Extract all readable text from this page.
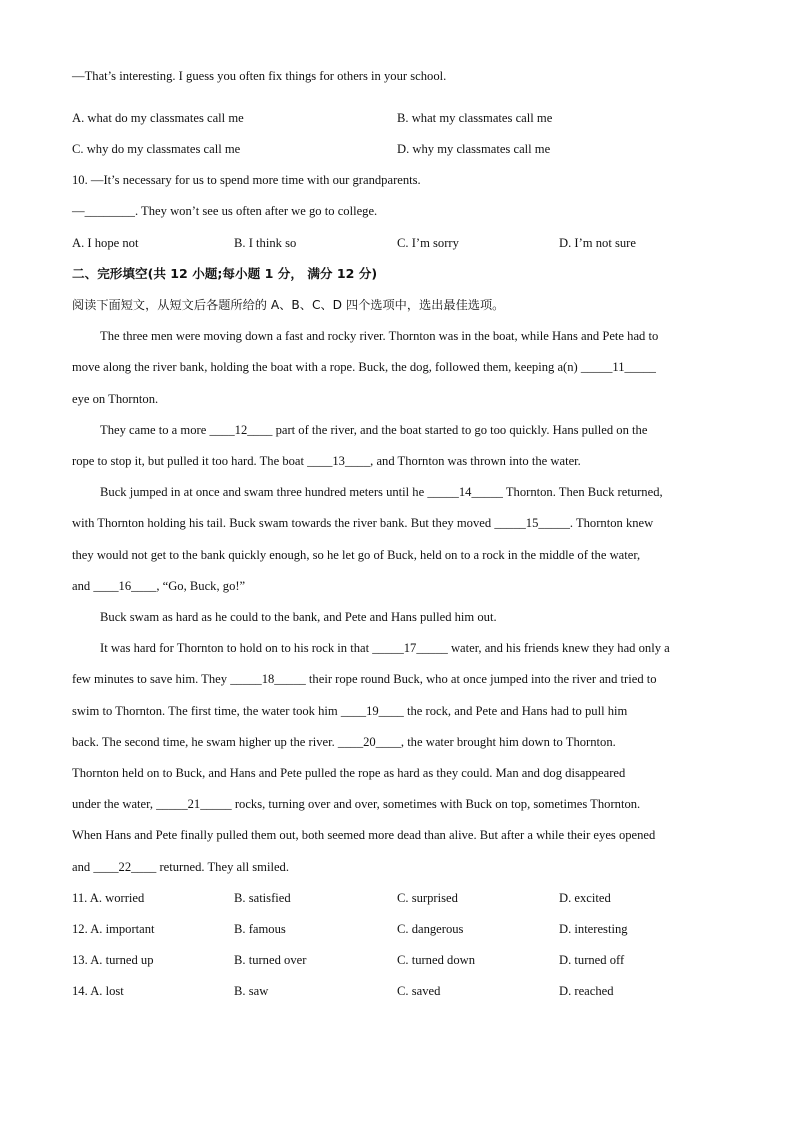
—That’s interesting. I guess you often fix things for others in your school.
A. what do my classmates call me	B. what my classmates call me
C. why do my classmates call me	D. why my classmates call me
10. —It’s necessary for us to spend more time with our grandparents.
—________. They won’t see us often after we go to college.
A. I hope not	B. I think so	C. I’m sorry	D. I’m not sure
二、完形填空(共 12 小题;每小题 1 分， 满分 12 分)
阅读下面短文，从短文后各题所给的 A、B、C、D 四个选项中，选出最佳选项。
The three men were moving down a fast and rocky river. Thornton was in the boat, while Hans and Pete had to
move along the river bank, holding the boat with a rope. Buck, the dog, followed them, keeping a(n) _____11_____
eye on Thornton.
They came to a more ____12____ part of the river, and the boat started to go too quickly. Hans pulled on the
rope to stop it, but pulled it too hard. The boat ____13____, and Thornton was thrown into the water.
Buck jumped in at once and swam three hundred meters until he _____14_____ Thornton. Then Buck returned,
with Thornton holding his tail. Buck swam towards the river bank. But they moved _____15_____. Thornton knew
they would not get to the bank quickly enough, so he let go of Buck, held on to a rock in the middle of the water,
and ____16____, “Go, Buck, go!”
Buck swam as hard as he could to the bank, and Pete and Hans pulled him out.
It was hard for Thornton to hold on to his rock in that _____17_____ water, and his friends knew they had only a
few minutes to save him. They _____18_____ their rope round Buck, who at once jumped into the river and tried to
swim to Thornton. The first time, the water took him ____19____ the rock, and Pete and Hans had to pull him
back. The second time, he swam higher up the river. ____20____, the water brought him down to Thornton.
Thornton held on to Buck, and Hans and Pete pulled the rope as hard as they could. Man and dog disappeared
under the water, _____21_____ rocks, turning over and over, sometimes with Buck on top, sometimes Thornton.
When Hans and Pete finally pulled them out, both seemed more dead than alive. But after a while their eyes opened
and ____22____ returned. They all smiled.
11. A. worried	B. satisfied	C. surprised	D. excited
12. A. important	B. famous	C. dangerous	D. interesting
13. A. turned up	B. turned over	C. turned down	D. turned off
14. A. lost	B. saw	C. saved	D. reached
